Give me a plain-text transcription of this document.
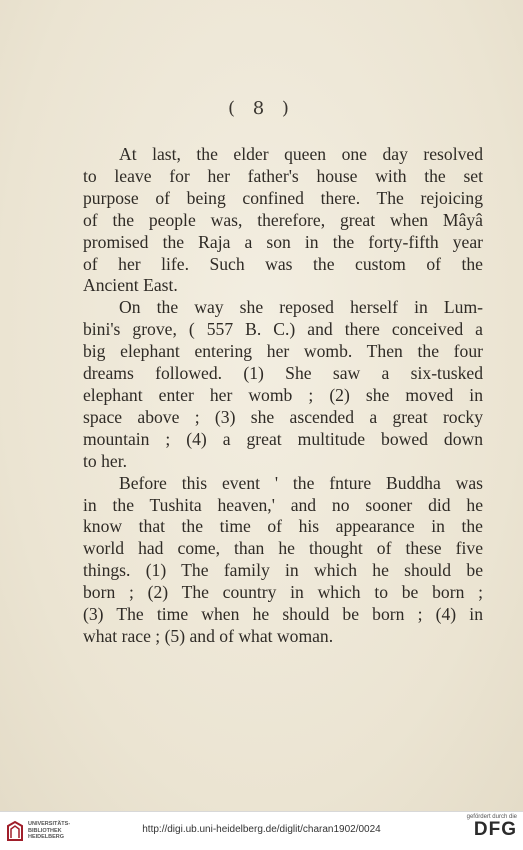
( 8 )

At last, the elder queen one day resolved
to leave for her father's house with the set
purpose of being confined there. The rejoicing
of the people was, therefore, great when Mâyâ
promised the Raja a son in the forty-fifth year
of her life. Such was the custom of the
Ancient East.

On the way she reposed herself in Lum-
bini's grove, ( 557 B. C.) and there conceived a
big elephant entering her womb. Then the four
dreams followed. (1) She saw a six-tusked
elephant enter her womb ; (2) she moved in
space above ; (3) she ascended a great rocky
mountain ; (4) a great multitude bowed down
to her.

Before this event ' the fnture Buddha was
in the Tushita heaven,' and no sooner did he
know that the time of his appearance in the
world had come, than he thought of these five
things. (1) The family in which he should be
born ; (2) The country in which to be born ;
(3) The time when he should be born ; (4) in
what race ; (5) and of what woman.

UNIVERSITÄTS-
BIBLIOTHEK
HEIDELBERG
http://digi.ub.uni-heidelberg.de/diglit/charan1902/0024
gefördert durch die
DFG
